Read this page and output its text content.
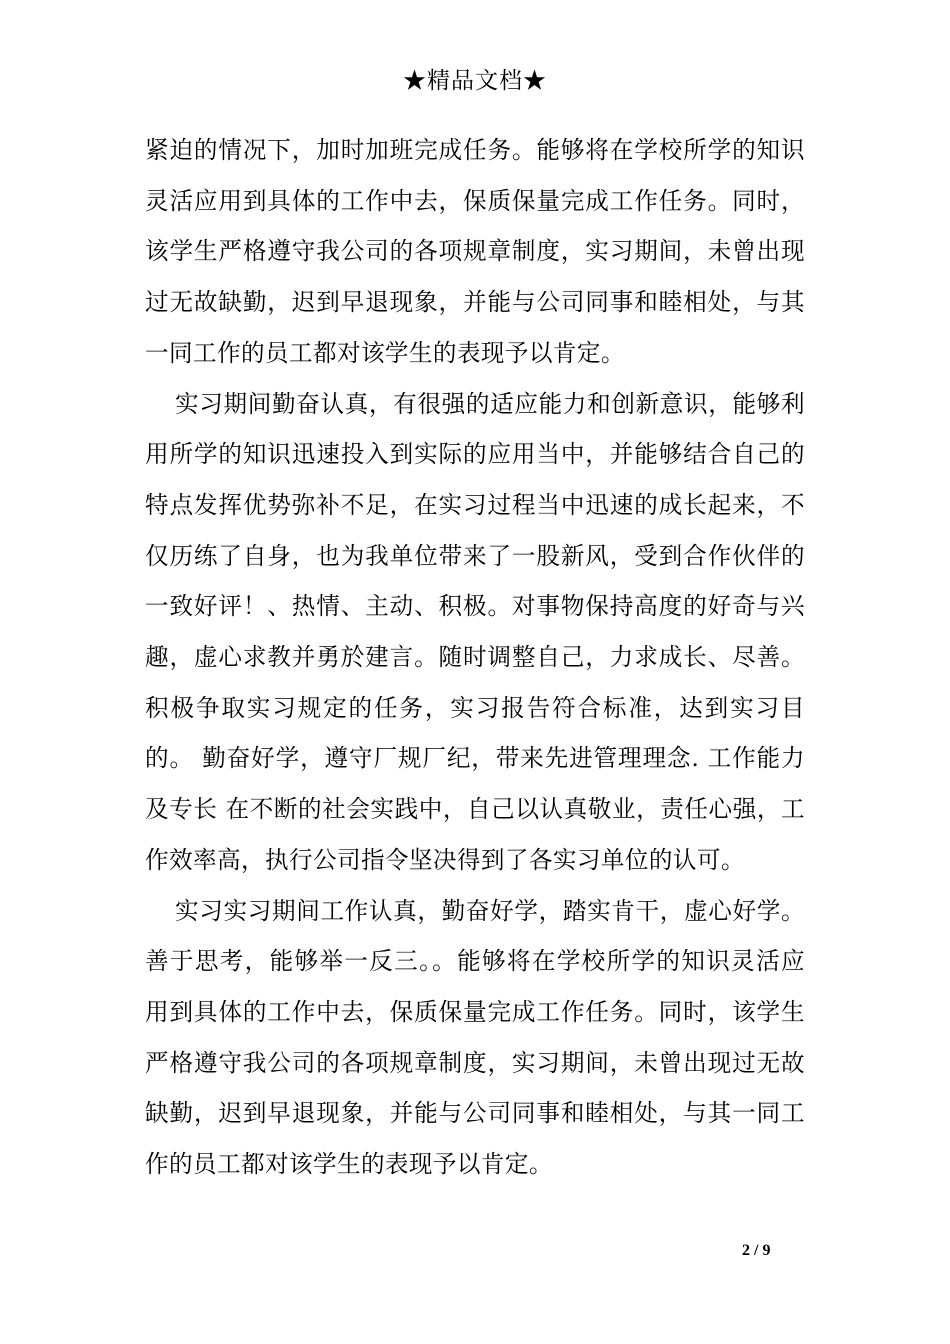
★精品文档★

紧迫的情况下，加时加班完成任务。能够将在学校所学的知识灵活应用到具体的工作中去，保质保量完成工作任务。同时，该学生严格遵守我公司的各项规章制度，实习期间，未曾出现过无故缺勤，迟到早退现象，并能与公司同事和睦相处，与其一同工作的员工都对该学生的表现予以肯定。

实习期间勤奋认真，有很强的适应能力和创新意识，能够利用所学的知识迅速投入到实际的应用当中，并能够结合自己的特点发挥优势弥补不足，在实习过程当中迅速的成长起来，不仅历练了自身，也为我单位带来了一股新风，受到合作伙伴的一致好评！、热情、主动、积极。对事物保持高度的好奇与兴趣，虚心求教并勇於建言。随时调整自己，力求成长、尽善。积极争取实习规定的任务，实习报告符合标准，达到实习目的。 勤奋好学，遵守厂规厂纪，带来先进管理理念. 工作能力及专长 在不断的社会实践中，自己以认真敬业，责任心强，工作效率高，执行公司指令坚决得到了各实习单位的认可。

实习实习期间工作认真，勤奋好学，踏实肯干，虚心好学。善于思考，能够举一反三。。能够将在学校所学的知识灵活应用到具体的工作中去，保质保量完成工作任务。同时，该学生严格遵守我公司的各项规章制度，实习期间，未曾出现过无故缺勤，迟到早退现象，并能与公司同事和睦相处，与其一同工作的员工都对该学生的表现予以肯定。

2 / 9
